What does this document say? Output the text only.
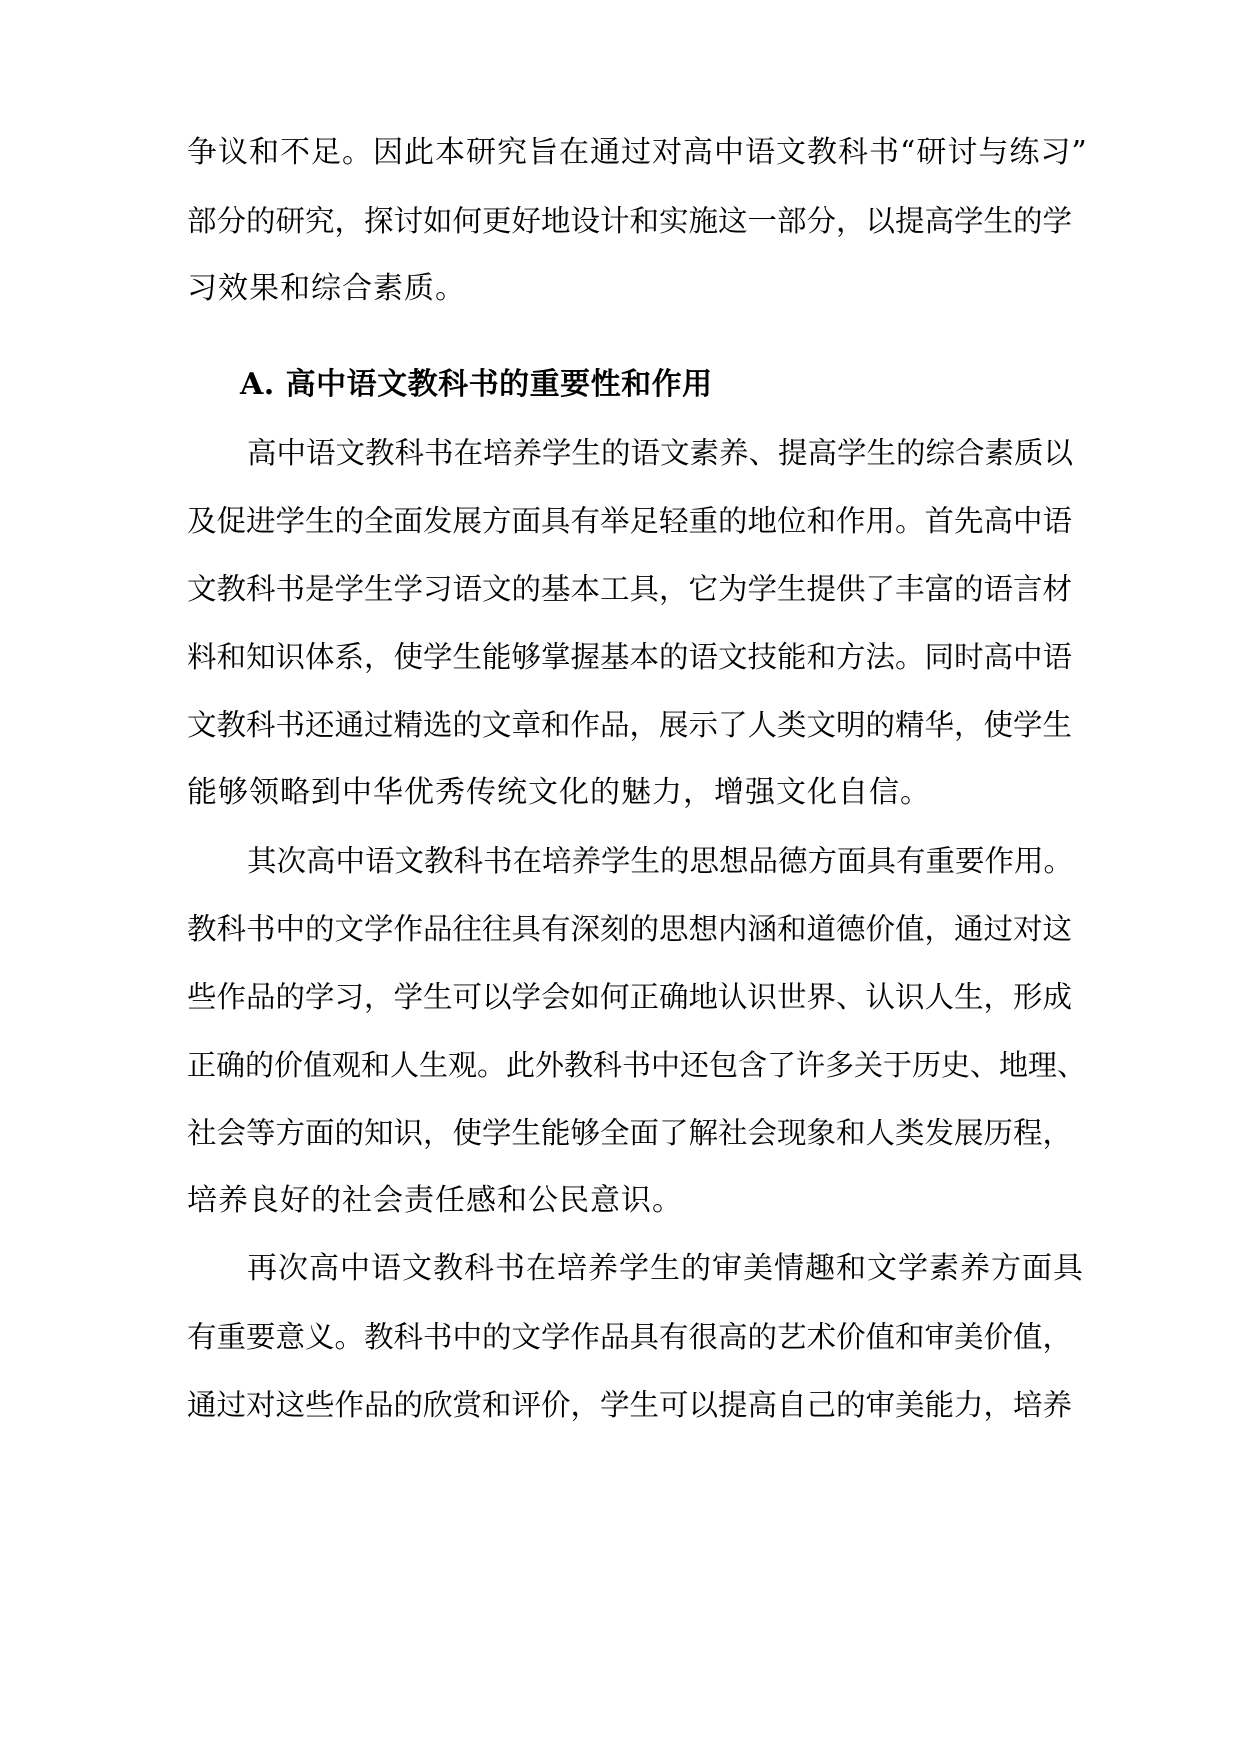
争议和不足。因此本研究旨在通过对高中语文教科书“研讨与练习”
部分的研究，探讨如何更好地设计和实施这一部分，以提高学生的学
习效果和综合素质。
A. 高中语文教科书的重要性和作用
高中语文教科书在培养学生的语文素养、提高学生的综合素质以
及促进学生的全面发展方面具有举足轻重的地位和作用。首先高中语
文教科书是学生学习语文的基本工具，它为学生提供了丰富的语言材
料和知识体系，使学生能够掌握基本的语文技能和方法。同时高中语
文教科书还通过精选的文章和作品，展示了人类文明的精华，使学生
能够领略到中华优秀传统文化的魅力，增强文化自信。
其次高中语文教科书在培养学生的思想品德方面具有重要作用。
教科书中的文学作品往往具有深刻的思想内涵和道德价值，通过对这
些作品的学习，学生可以学会如何正确地认识世界、认识人生，形成
正确的价值观和人生观。此外教科书中还包含了许多关于历史、地理、
社会等方面的知识，使学生能够全面了解社会现象和人类发展历程，
培养良好的社会责任感和公民意识。
再次高中语文教科书在培养学生的审美情趣和文学素养方面具
有重要意义。教科书中的文学作品具有很高的艺术价值和审美价值，
通过对这些作品的欣赏和评价，学生可以提高自己的审美能力，培养
